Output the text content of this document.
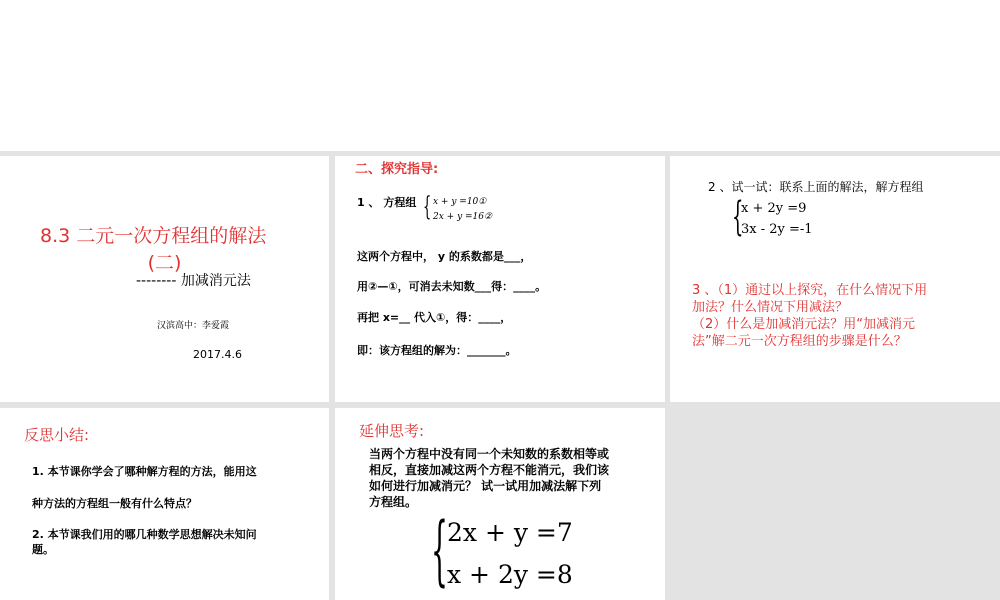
8.3 二元一次方程组的解法
(二)
-------- 加减消元法
汉滨高中：李爱霞
2017.4.6
二、探究指导:
1 、 方程组 { x + y =10①
2x + y =16②
这两个方程中， y 的系数都是___，
用②—①，可消去未知数___得：____。
再把 x=__ 代入①，得：____，
即：该方程组的解为：_______。
2 、试一试：联系上面的解法，解方程组
{
x + 2y =9
3x - 2y =-1
3 、（1）通过以上探究，在什么情况下用
加法？什么情况下用减法？
（2）什么是加减消元法？用“加减消元
法”解二元一次方程组的步骤是什么？
反思小结:
1. 本节课你学会了哪种解方程的方法，能用这
种方法的方程组一般有什么特点？
2. 本节课我们用的哪几种数学思想解决未知问
题。
延伸思考:
当两个方程中没有同一个未知数的系数相等或
相反，直接加减这两个方程不能消元，我们该
如何进行加减消元？ 试一试用加减法解下列
方程组。
{ 2x + y =7
x + 2y =8
